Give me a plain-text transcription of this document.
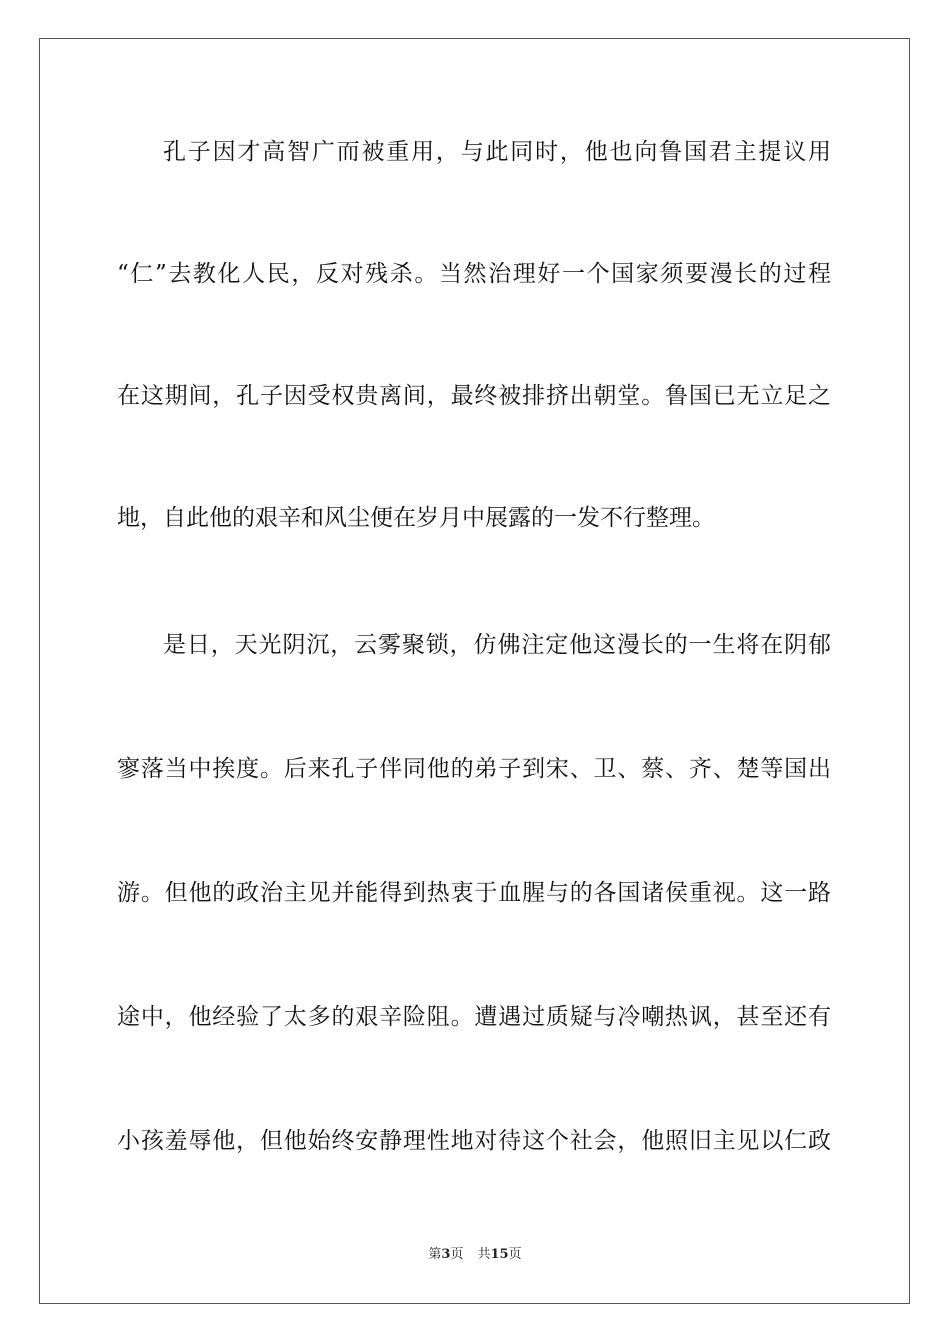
孔子因才高智广而被重用，与此同时，他也向鲁国君主提议用
“仁”去教化人民，反对残杀。当然治理好一个国家须要漫长的过程
在这期间，孔子因受权贵离间，最终被排挤出朝堂。鲁国已无立足之
地，自此他的艰辛和风尘便在岁月中展露的一发不行整理。
是日，天光阴沉，云雾聚锁，仿佛注定他这漫长的一生将在阴郁
寥落当中挨度。后来孔子伴同他的弟子到宋、卫、蔡、齐、楚等国出
游。但他的政治主见并能得到热衷于血腥与的各国诸侯重视。这一路
途中，他经验了太多的艰辛险阻。遭遇过质疑与冷嘲热讽，甚至还有
小孩羞辱他，但他始终安静理性地对待这个社会，他照旧主见以仁政
第3页 共15页
